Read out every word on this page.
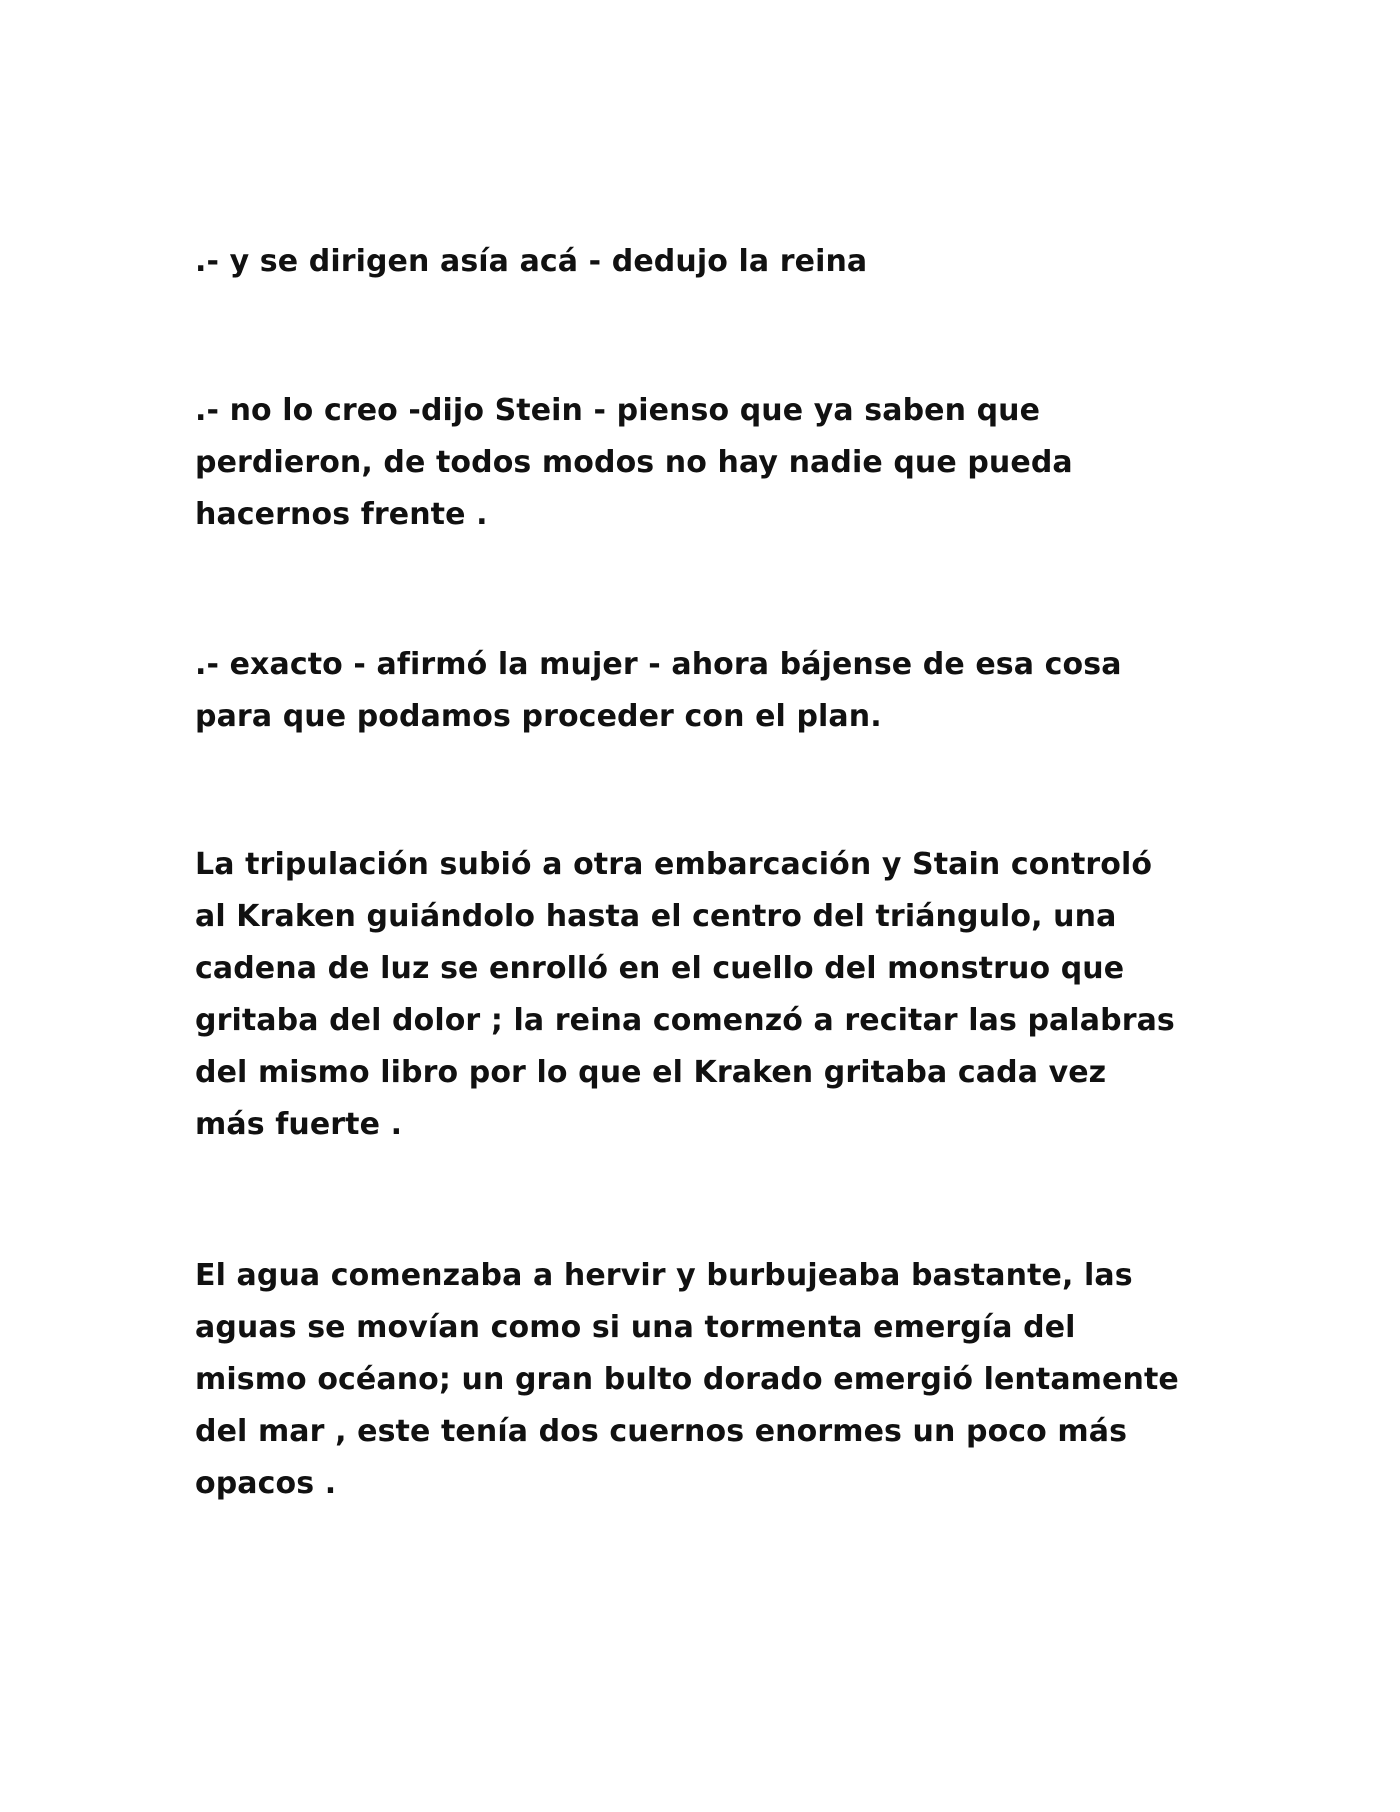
.- y se dirigen asía acá - dedujo la reina

.- no lo creo -dijo Stein - pienso que ya saben que
perdieron, de todos modos no hay nadie que pueda
hacernos frente .

.- exacto - afirmó la mujer - ahora bájense de esa cosa
para que podamos proceder con el plan.

La tripulación subió a otra embarcación y Stain controló
al Kraken guiándolo hasta el centro del triángulo, una
cadena de luz se enrolló en el cuello del monstruo que
gritaba del dolor ; la reina comenzó a recitar las palabras
del mismo libro por lo que el Kraken gritaba cada vez
más fuerte .

El agua comenzaba a hervir y burbujeaba bastante, las
aguas se movían como si una tormenta emergía del
mismo océano; un gran bulto dorado emergió lentamente
del mar , este tenía dos cuernos enormes un poco más
opacos .
